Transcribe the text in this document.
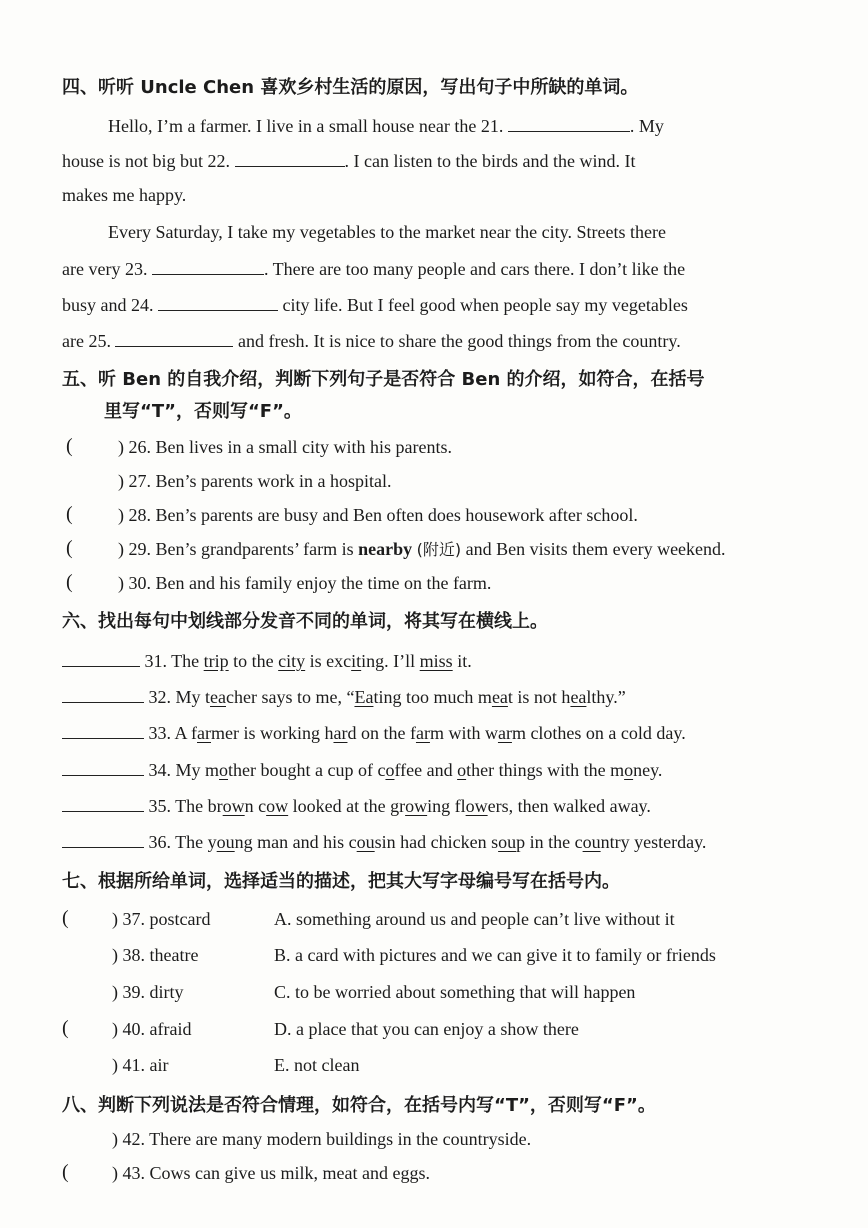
四、听听 Uncle Chen 喜欢乡村生活的原因，写出句子中所缺的单词。
Hello, I’m a farmer. I live in a small house near the 21.	. My
house is not big but 22.	. I can listen to the birds and the wind. It
makes me happy.
Every Saturday, I take my vegetables to the market near the city. Streets there
are very 23.	. There are too many people and cars there. I don’t like the
busy and 24.	city life. But I feel good when people say my vegetables
are 25.	and fresh. It is nice to share the good things from the country.
五、听 Ben 的自我介绍，判断下列句子是否符合 Ben 的介绍，如符合，在括号
里写“T”，否则写“F”。
(	) 26. Ben lives in a small city with his parents.
) 27. Ben’s parents work in a hospital.
(	) 28. Ben’s parents are busy and Ben often does housework after school.
(	) 29. Ben’s grandparents’ farm is nearby (附近) and Ben visits them every weekend.
(	) 30. Ben and his family enjoy the time on the farm.
六、找出每句中划线部分发音不同的单词，将其写在横线上。
31. The trip to the city is exciting. I’ll miss it.
32. My teacher says to me, “Eating too much meat is not healthy.”
33. A farmer is working hard on the farm with warm clothes on a cold day.
34. My mother bought a cup of coffee and other things with the money.
35. The brown cow looked at the growing flowers, then walked away.
36. The young man and his cousin had chicken soup in the country yesterday.
七、根据所给单词，选择适当的描述，把其大写字母编号写在括号内。
( ) 37. postcard	A. something around us and people can’t live without it
) 38. theatre	B. a card with pictures and we can give it to family or friends
) 39. dirty	C. to be worried about something that will happen
( ) 40. afraid	D. a place that you can enjoy a show there
) 41. air	E. not clean
八、判断下列说法是否符合情理，如符合，在括号内写“T”，否则写“F”。
) 42. There are many modern buildings in the countryside.
( ) 43. Cows can give us milk, meat and eggs.
